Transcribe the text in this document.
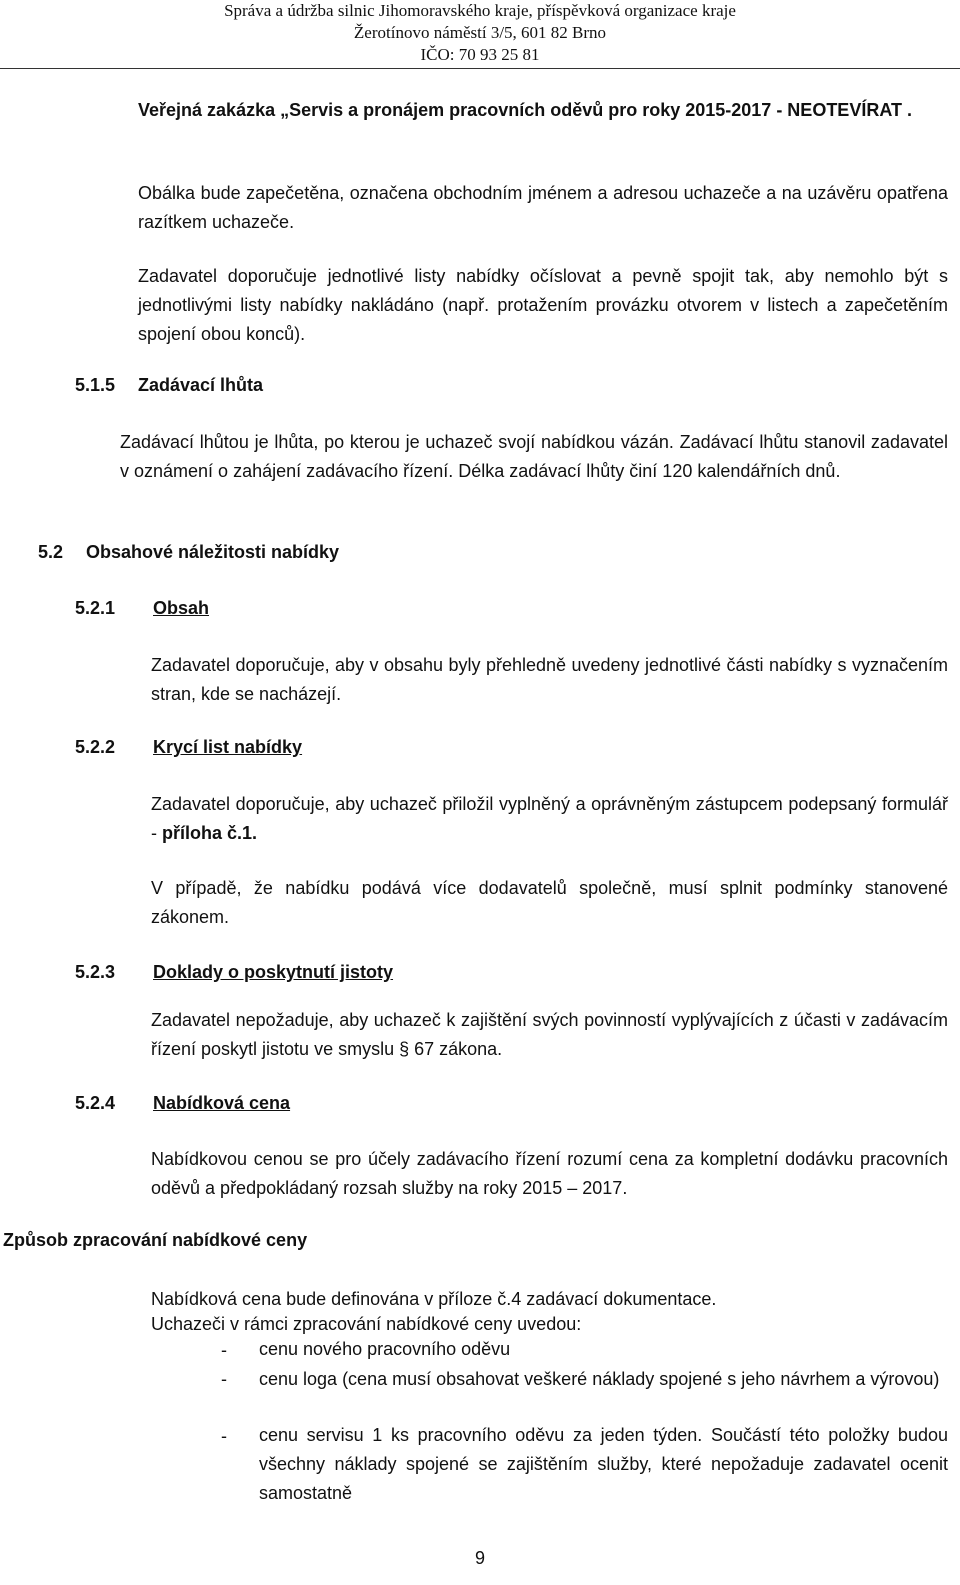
Správa a údržba silnic Jihomoravského kraje, příspěvková organizace kraje
Žerotínovo náměstí 3/5, 601 82 Brno
IČO: 70 93 25 81
Veřejná zakázka „Servis a pronájem pracovních oděvů pro roky 2015-2017 - NEOTEVÍRAT .
Obálka bude zapečetěna, označena obchodním jménem a adresou uchazeče a na uzávěru opatřena razítkem uchazeče.
Zadavatel doporučuje jednotlivé listy nabídky očíslovat a pevně spojit tak, aby nemohlo být s jednotlivými listy nabídky nakládáno (např. protažením provázku otvorem v listech a zapečetěním spojení obou konců).
5.1.5 Zadávací lhůta
Zadávací lhůtou je lhůta, po kterou je uchazeč svojí nabídkou vázán. Zadávací lhůtu stanovil zadavatel v oznámení o zahájení zadávacího řízení. Délka zadávací lhůty činí 120 kalendářních dnů.
5.2 Obsahové náležitosti nabídky
5.2.1 Obsah
Zadavatel doporučuje, aby v obsahu byly přehledně uvedeny jednotlivé části nabídky s vyznačením stran, kde se nacházejí.
5.2.2 Krycí list nabídky
Zadavatel doporučuje, aby uchazeč přiložil vyplněný a oprávněným zástupcem podepsaný formulář - příloha č.1.
V případě, že nabídku podává více dodavatelů společně, musí splnit podmínky stanovené zákonem.
5.2.3 Doklady o poskytnutí jistoty
Zadavatel nepožaduje, aby uchazeč k zajištění svých povinností vyplývajících z účasti v zadávacím řízení poskytl jistotu ve smyslu § 67 zákona.
5.2.4 Nabídková cena
Nabídkovou cenou se pro účely zadávacího řízení rozumí cena za kompletní dodávku pracovních oděvů a předpokládaný rozsah služby na roky 2015 – 2017.
Způsob zpracování nabídkové ceny
Nabídková cena bude definována v příloze č.4 zadávací dokumentace.
Uchazeči v rámci zpracování nabídkové ceny uvedou:
- cenu nového pracovního oděvu
- cenu loga (cena musí obsahovat veškeré náklady spojené s jeho návrhem a výrovou)
- cenu servisu 1 ks pracovního oděvu za jeden týden. Součástí této položky budou všechny náklady spojené se zajištěním služby, které nepožaduje zadavatel ocenit samostatně
9
